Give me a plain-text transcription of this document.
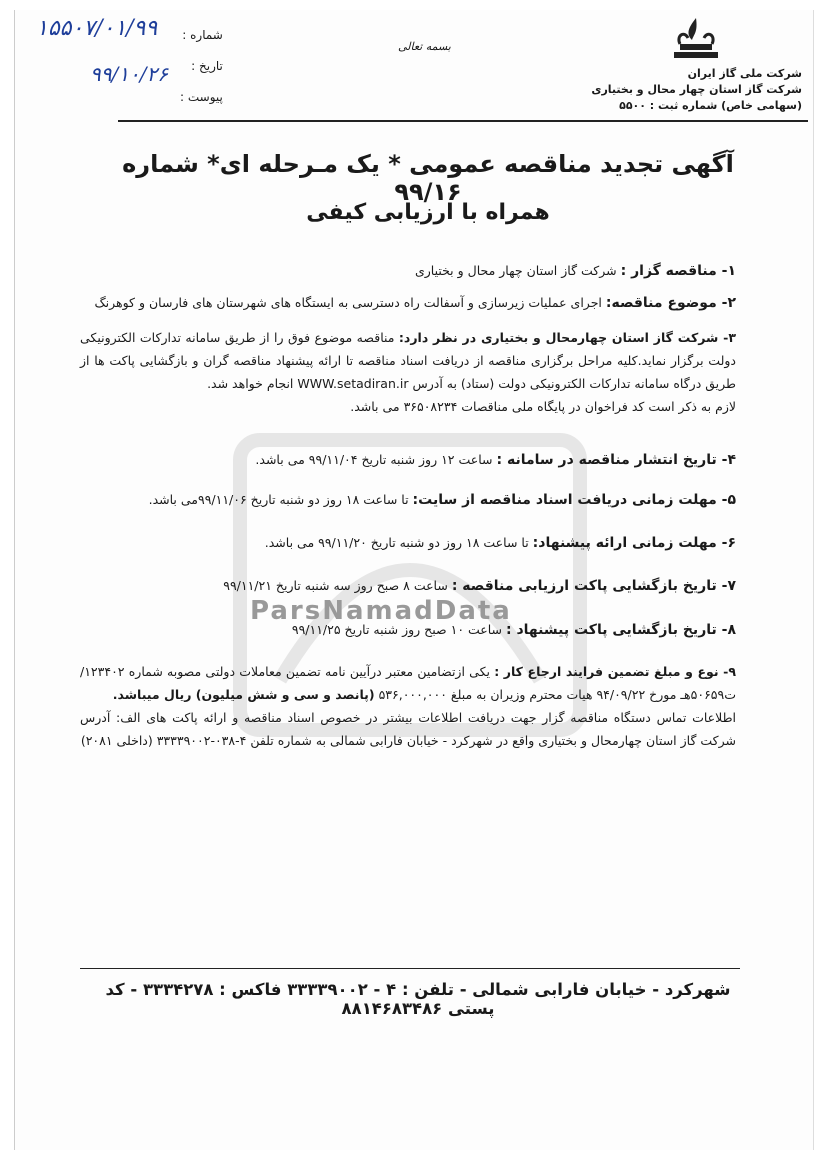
شرکت ملی گاز ایران
شرکت گاز استان چهار محال و بختیاری
(سهامی خاص) شماره ثبت : ۵۵۰۰
بسمه تعالی
شماره :
تاریخ :
پیوست :
۱۵۵۰۷/۰۱/۹۹
۹۹/۱۰/۲۶
آگهی تجدید مناقصه عمومی * یک مـرحله ای* شماره ۹۹/۱۶
همراه با ارزیابی کیفی
۱- مناقصه گزار : شرکت گاز استان چهار محال و بختیاری
۲- موضوع مناقصه: اجرای عملیات زیرسازی و آسفالت راه دسترسی به ایستگاه های شهرستان های فارسان و کوهرنگ
۳- شرکت گاز استان چهارمحال و بختیاری در نظر دارد: مناقصه موضوع فوق را از طریق سامانه تدارکات الکترونیکی دولت برگزار نماید.کلیه مراحل برگزاری مناقصه از دریافت اسناد مناقصه تا ارائه پیشنهاد مناقصه گران و بازگشایی پاکت ها از طریق درگاه سامانه تدارکات الکترونیکی دولت (ستاد) به آدرس WWW.setadiran.ir انجام خواهد شد.
لازم به ذکر است کد فراخوان در پایگاه ملی مناقصات ۳۶۵۰۸۲۳۴ می باشد.
ParsNamadData
۴- تاریخ انتشار مناقصه در سامانه : ساعت ۱۲ روز شنبه تاریخ ۹۹/۱۱/۰۴ می باشد.
۵- مهلت زمانی دریافت اسناد مناقصه از سایت: تا ساعت ۱۸ روز دو شنبه تاریخ ۹۹/۱۱/۰۶می باشد.
۶- مهلت زمانی ارائه پیشنهاد: تا ساعت ۱۸ روز دو شنبه تاریخ ۹۹/۱۱/۲۰ می باشد.
۷- تاریخ بازگشایی پاکت ارزیابی مناقصه : ساعت ۸ صبح روز سه شنبه تاریخ ۹۹/۱۱/۲۱
۸- تاریخ بازگشایی پاکت پیشنهاد : ساعت ۱۰ صبح روز شنبه تاریخ ۹۹/۱۱/۲۵
۹- نوع و مبلغ تضمین فرایند ارجاع کار : یکی ازتضامین معتبر درآیین نامه تضمین معاملات دولتی مصوبه شماره ۱۲۳۴۰۲/ت۵۰۶۵۹هـ مورخ ۹۴/۰۹/۲۲ هیات محترم وزیران به مبلغ ۵۳۶,۰۰۰,۰۰۰ (پانصد و سی و شش میلیون) ریال میباشد.
اطلاعات تماس دستگاه مناقصه گزار جهت دریافت اطلاعات بیشتر در خصوص اسناد مناقصه و ارائه پاکت های الف: آدرس شرکت گاز استان چهارمحال و بختیاری واقع در شهرکرد - خیابان فارابی شمالی به شماره تلفن ۴-۰۳۸-۳۳۳۳۹۰۰۲ (داخلی ۲۰۸۱)
شهرکرد - خیابان فارابی شمالی - تلفن : ۴ - ۳۳۳۳۹۰۰۲ فاکس : ۳۳۳۴۲۷۸ - کد پستی ۸۸۱۴۶۸۳۴۸۶
